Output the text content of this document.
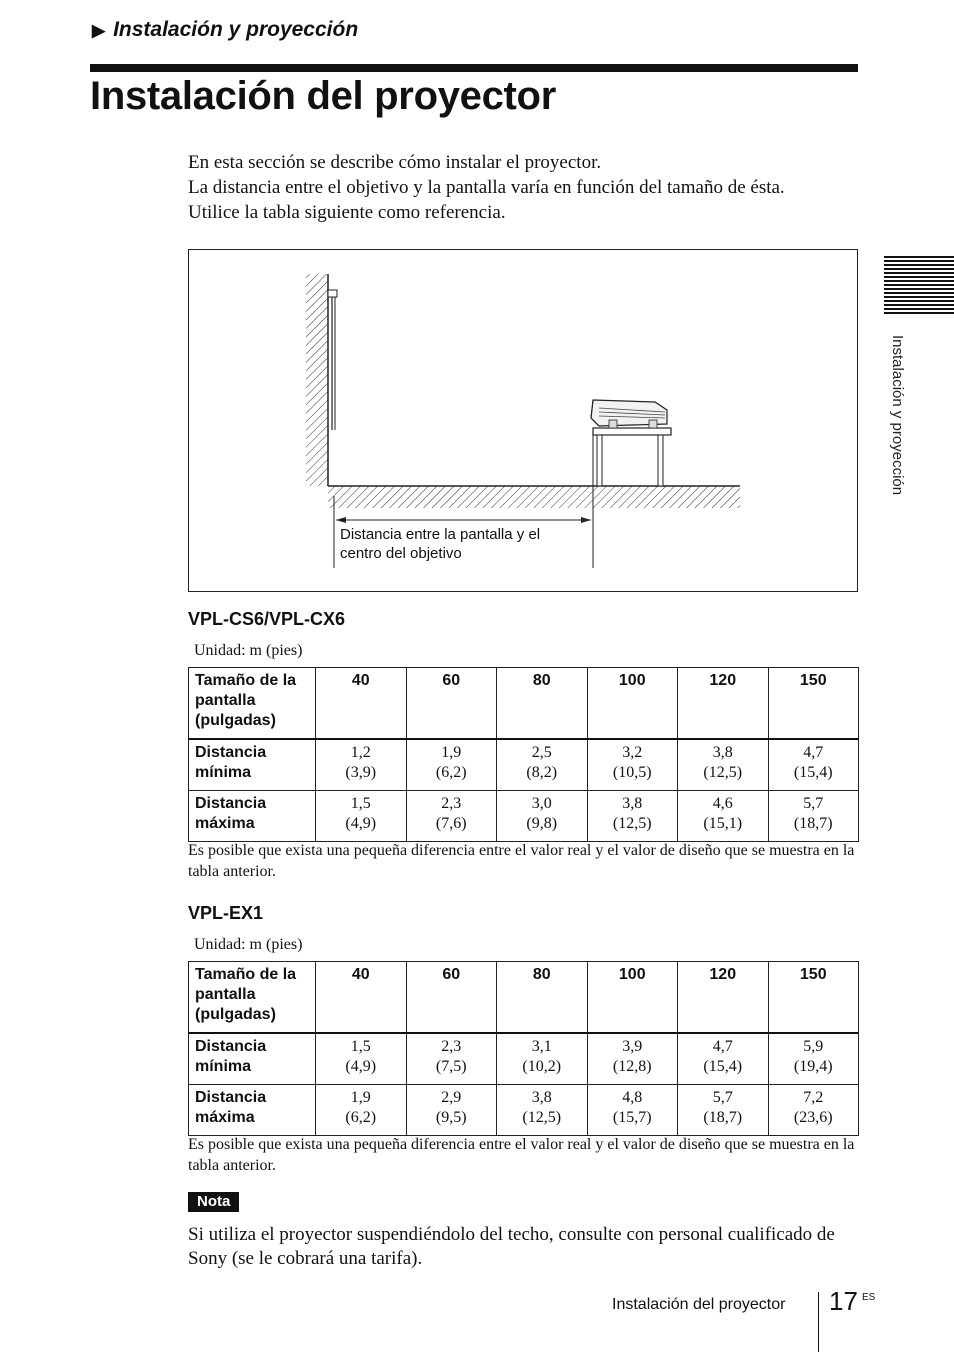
▶ Instalación y proyección
Instalación del proyector
En esta sección se describe cómo instalar el proyector.
La distancia entre el objetivo y la pantalla varía en función del tamaño de ésta.
Utilice la tabla siguiente como referencia.
Distancia entre la pantalla y el
centro del objetivo
VPL-CS6/VPL-CX6
Unidad: m (pies)
Tamaño de la
pantalla
(pulgadas)	40	60	80	100	120	150

Distancia
mínima	1,2
(3,9)	1,9
(6,2)	2,5
(8,2)	3,2
(10,5)	3,8
(12,5)	4,7
(15,4)

Distancia
máxima	1,5
(4,9)	2,3
(7,6)	3,0
(9,8)	3,8
(12,5)	4,6
(15,1)	5,7
(18,7)
Es posible que exista una pequeña diferencia entre el valor real y el valor de diseño que se muestra en la tabla anterior.
VPL-EX1
Unidad: m (pies)
Tamaño de la
pantalla
(pulgadas)	40	60	80	100	120	150

Distancia
mínima	1,5
(4,9)	2,3
(7,5)	3,1
(10,2)	3,9
(12,8)	4,7
(15,4)	5,9
(19,4)

Distancia
máxima	1,9
(6,2)	2,9
(9,5)	3,8
(12,5)	4,8
(15,7)	5,7
(18,7)	7,2
(23,6)
Es posible que exista una pequeña diferencia entre el valor real y el valor de diseño que se muestra en la tabla anterior.
Nota
Si utiliza el proyector suspendiéndolo del techo, consulte con personal cualificado de Sony (se le cobrará una tarifa).
Instalación y proyección
Instalación del proyector 17 ES
